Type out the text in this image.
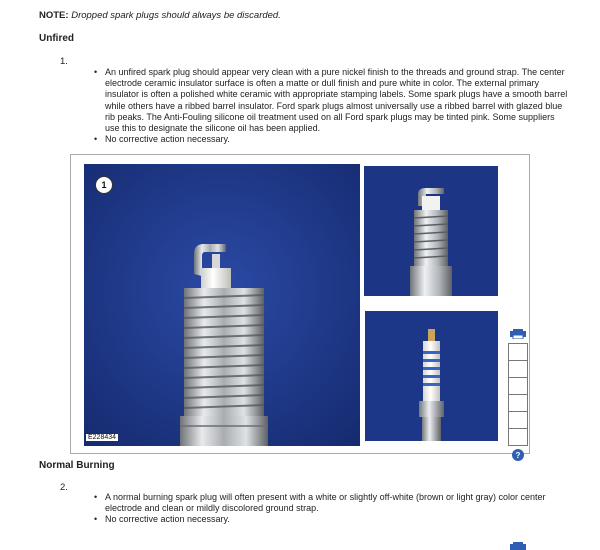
NOTE: Dropped spark plugs should always be discarded.
Unfired
1.
• An unfired spark plug should appear very clean with a pure nickel finish to the threads and ground strap. The center electrode ceramic insulator surface is often a matte or dull finish and pure white in color. The external primary insulator is often a polished white ceramic with appropriate stamping labels. Some spark plugs have a smooth barrel while others have a ribbed barrel insulator. Ford spark plugs almost universally use a ribbed barrel with glazed blue rib peaks. The Anti-Fouling silicone oil treatment used on all Ford spark plugs may be tinted pink. Some suppliers use this to designate the silicone oil has been applied.
• No corrective action necessary.
1
E228434
?
Normal Burning
2.
• A normal burning spark plug will often present with a white or slightly off-white (brown or light gray) color center electrode and clean or mildly discolored ground strap.
• No corrective action necessary.
